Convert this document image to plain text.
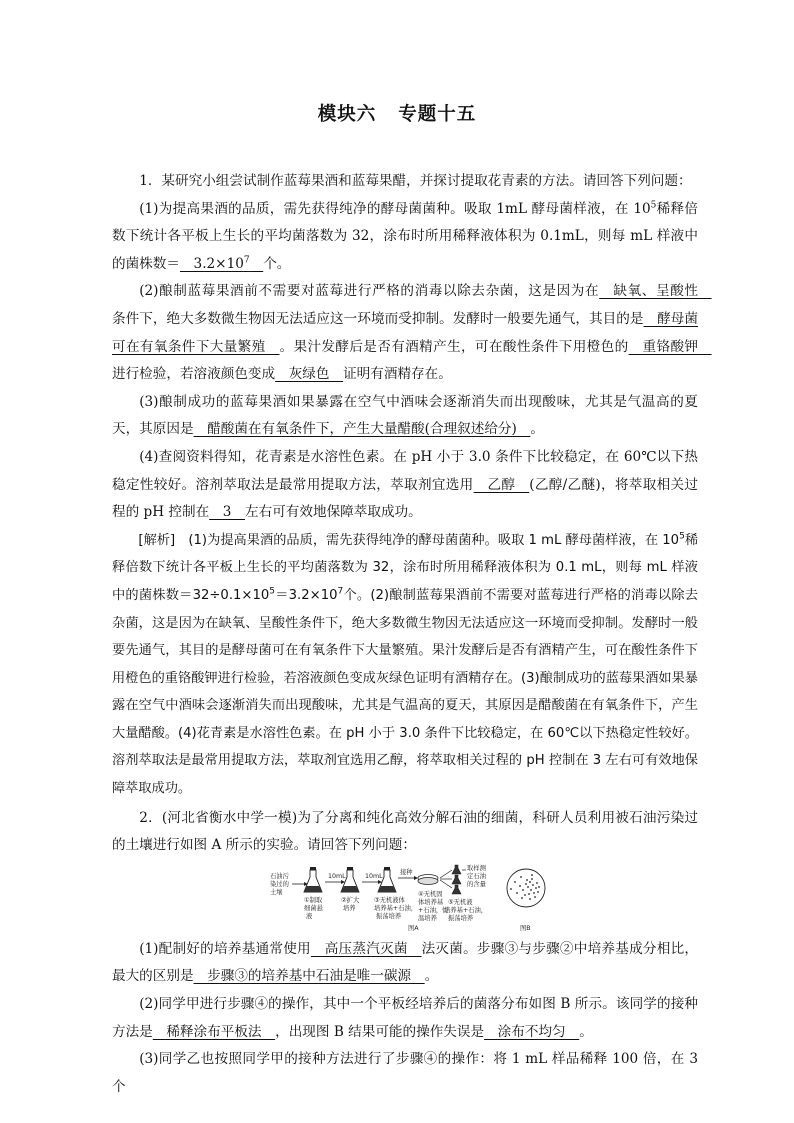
模块六 专题十五

1．某研究小组尝试制作蓝莓果酒和蓝莓果醋，并探讨提取花青素的方法。请回答下列问题：

(1)为提高果酒的品质，需先获得纯净的酵母菌菌种。吸取 1mL 酵母菌样液，在 $10^5$稀释倍数下统计各平板上生长的平均菌落数为 32，涂布时所用稀释液体积为 0.1mL，则每 mL 样液中的菌株数＝　$3.2\times 10^7$　 个。

(2)酿制蓝莓果酒前不需要对蓝莓进行严格的消毒以除去杂菌，这是因为在　缺氧、呈酸性　条件下，绝大多数微生物因无法适应这一环境而受抑制。发酵时一般要先通气，其目的是　酵母菌可在有氧条件下大量繁殖　。果汁发酵后是否有酒精产生，可在酸性条件下用橙色的　重铬酸钾　进行检验，若溶液颜色变成　灰绿色　证明有酒精存在。

(3)酿制成功的蓝莓果酒如果暴露在空气中酒味会逐渐消失而出现酸味，尤其是气温高的夏天，其原因是　醋酸菌在有氧条件下，产生大量醋酸(合理叙述给分)　。

(4)查阅资料得知，花青素是水溶性色素。在 pH 小于 3.0 条件下比较稳定，在 60℃以下热稳定性较好。溶剂萃取法是最常用提取方法，萃取剂宜选用　乙醇　(乙醇/乙醚)，将萃取相关过程的 pH 控制在　3　左右可有效地保障萃取成功。

[解析]　(1)为提高果酒的品质，需先获得纯净的酵母菌菌种。吸取 1 mL 酵母菌样液，在 $10^5$稀释倍数下统计各平板上生长的平均菌落数为 32，涂布时所用稀释液体积为 0.1 mL，则每 mL 样液中的菌株数$=32\div 0.1\times 10^5=3.2\times 10^7$个。(2)酿制蓝莓果酒前不需要对蓝莓进行严格的消毒以除去杂菌，这是因为在缺氧、呈酸性条件下，绝大多数微生物因无法适应这一环境而受抑制。发酵时一般要先通气，其目的是酵母菌可在有氧条件下大量繁殖。果汁发酵后是否有酒精产生，可在酸性条件下用橙色的重铬酸钾进行检验，若溶液颜色变成灰绿色证明有酒精存在。(3)酿制成功的蓝莓果酒如果暴露在空气中酒味会逐渐消失而出现酸味，尤其是气温高的夏天，其原因是醋酸菌在有氧条件下，产生大量醋酸。(4)花青素是水溶性色素。在 pH 小于 3.0 条件下比较稳定，在 60℃以下热稳定性较好。溶剂萃取法是最常用提取方法，萃取剂宜选用乙醇，将萃取相关过程的 pH 控制在 3 左右可有效地保障萃取成功。

2．(河北省衡水中学一模)为了分离和纯化高效分解石油的细菌，科研人员利用被石油污染过的土壤进行如图 A 所示的实验。请回答下列问题：

石油污
染过的
土壤
①制取
细菌悬
液
10mL
②扩大
培养
10mL
③无机液体
培养基+石油，
振荡培养
接种
④无机固
体培养基
+石油，恒
温培养
⑤无机液
培养基+石油，
振荡培养
取样测
定石油
的含量
图A	图B

(1)配制好的培养基通常使用　高压蒸汽灭菌　法灭菌。步骤③与步骤②中培养基成分相比，最大的区别是　步骤③的培养基中石油是唯一碳源　。

(2)同学甲进行步骤④的操作，其中一个平板经培养后的菌落分布如图 B 所示。该同学的接种方法是　稀释涂布平板法　，出现图 B 结果可能的操作失误是　涂布不均匀　。

(3)同学乙也按照同学甲的接种方法进行了步骤④的操作：将 1 mL 样品稀释 100 倍，在 3 个
